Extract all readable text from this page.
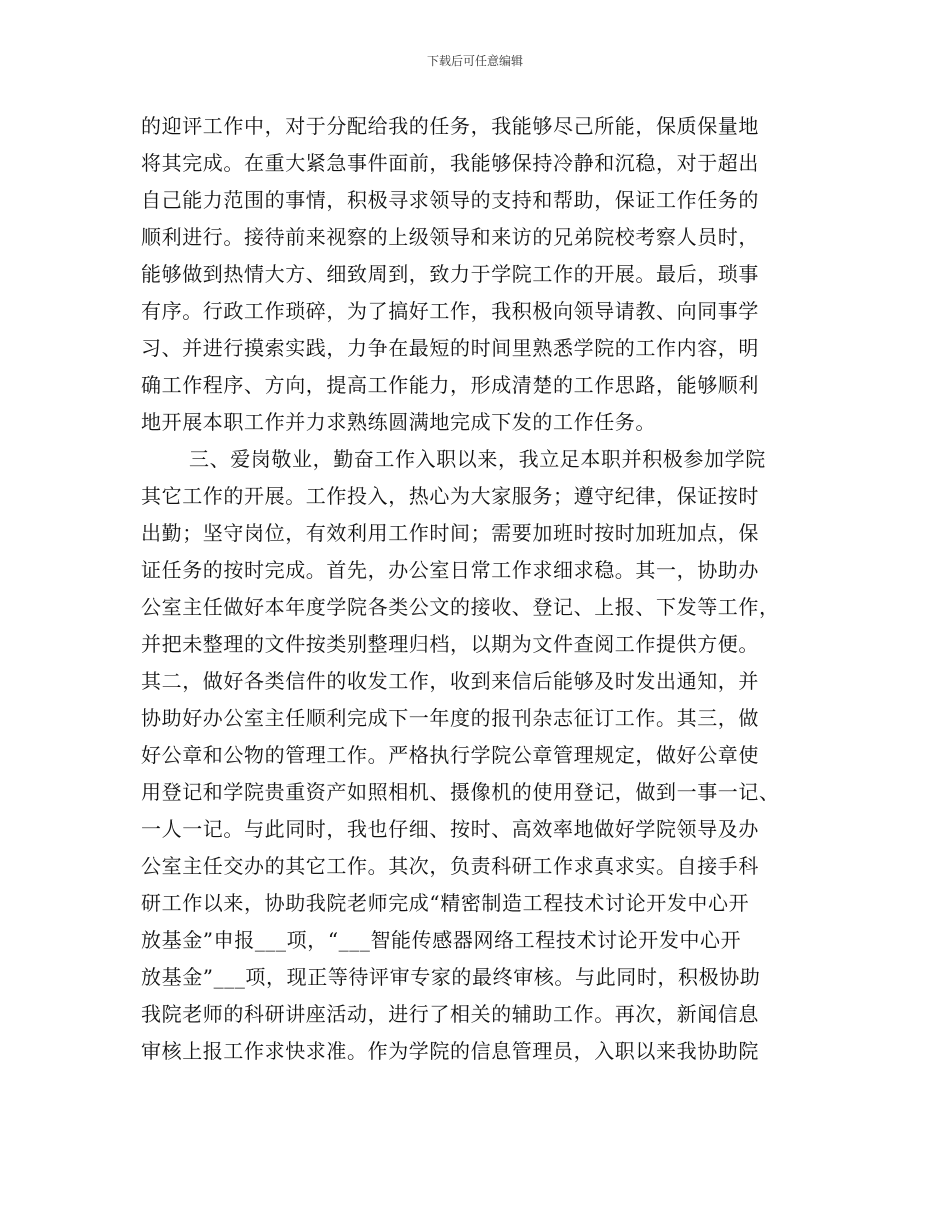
下载后可任意编辑
的迎评工作中，对于分配给我的任务，我能够尽己所能，保质保量地
将其完成。在重大紧急事件面前，我能够保持冷静和沉稳，对于超出
自己能力范围的事情，积极寻求领导的支持和帮助，保证工作任务的
顺利进行。接待前来视察的上级领导和来访的兄弟院校考察人员时，
能够做到热情大方、细致周到，致力于学院工作的开展。最后，琐事
有序。行政工作琐碎，为了搞好工作，我积极向领导请教、向同事学
习、并进行摸索实践，力争在最短的时间里熟悉学院的工作内容，明
确工作程序、方向，提高工作能力，形成清楚的工作思路，能够顺利
地开展本职工作并力求熟练圆满地完成下发的工作任务。
三、爱岗敬业，勤奋工作入职以来，我立足本职并积极参加学院
其它工作的开展。工作投入，热心为大家服务；遵守纪律，保证按时
出勤；坚守岗位，有效利用工作时间；需要加班时按时加班加点，保
证任务的按时完成。首先，办公室日常工作求细求稳。其一，协助办
公室主任做好本年度学院各类公文的接收、登记、上报、下发等工作，
并把未整理的文件按类别整理归档，以期为文件查阅工作提供方便。
其二，做好各类信件的收发工作，收到来信后能够及时发出通知，并
协助好办公室主任顺利完成下一年度的报刊杂志征订工作。其三，做
好公章和公物的管理工作。严格执行学院公章管理规定，做好公章使
用登记和学院贵重资产如照相机、摄像机的使用登记，做到一事一记、
一人一记。与此同时，我也仔细、按时、高效率地做好学院领导及办
公室主任交办的其它工作。其次，负责科研工作求真求实。自接手科
研工作以来，协助我院老师完成“精密制造工程技术讨论开发中心开
放基金”申报___项，“___智能传感器网络工程技术讨论开发中心开
放基金”___项，现正等待评审专家的最终审核。与此同时，积极协助
我院老师的科研讲座活动，进行了相关的辅助工作。再次，新闻信息
审核上报工作求快求准。作为学院的信息管理员，入职以来我协助院
